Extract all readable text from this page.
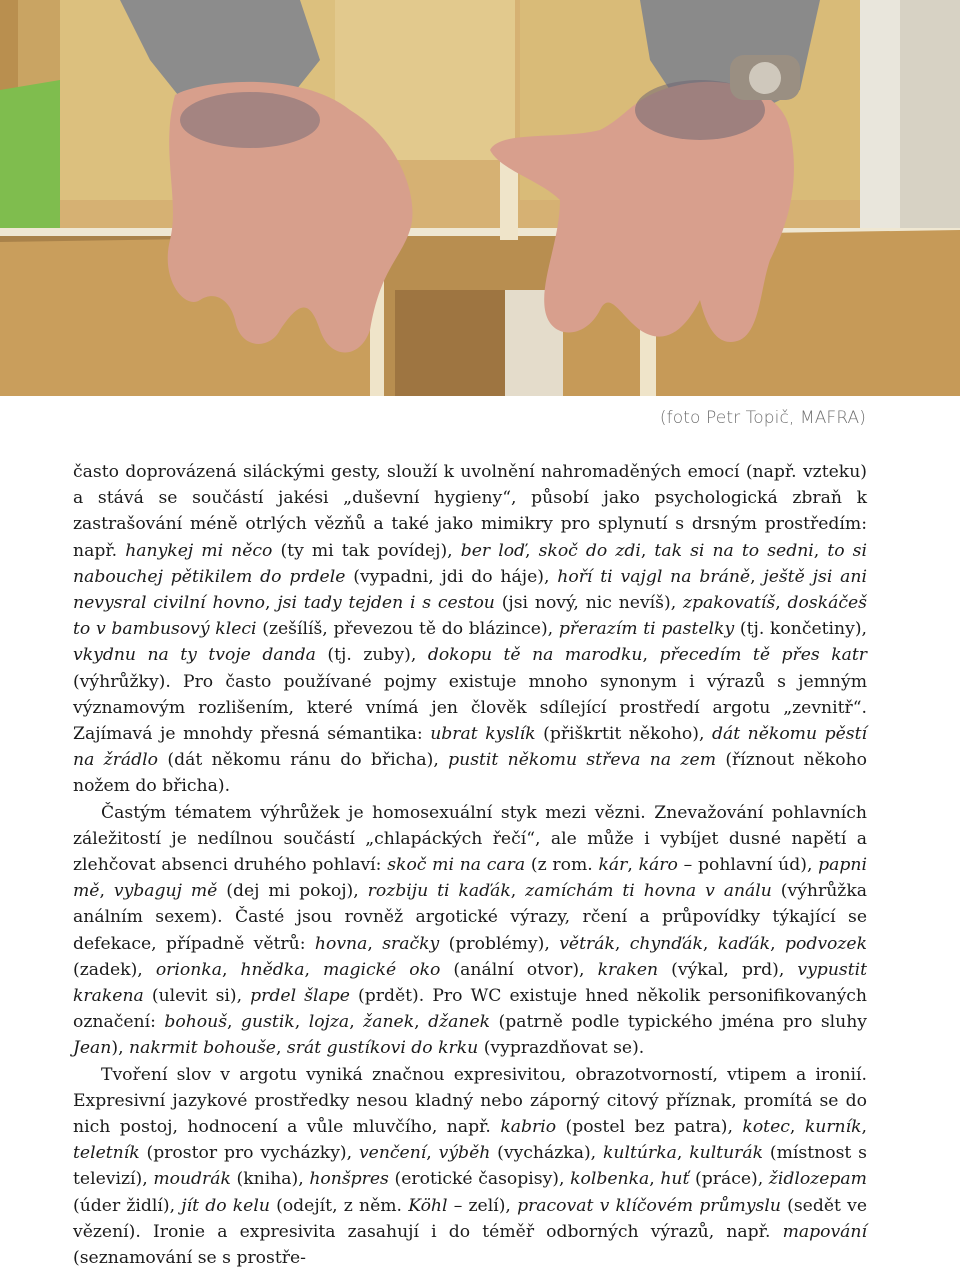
(foto Petr Topič, MAFRA)

často doprovázená siláckými gesty, slouží k uvolnění nahromaděných emocí (např. vzteku) a stává se součástí jakési „duševní hygieny“, působí jako psychologická zbraň k zastrašování méně otrlých vězňů a také jako mimikry pro splynutí s drsným prostředím: např. hanykej mi něco (ty mi tak povídej), ber loď, skoč do zdi, tak si na to sedni, to si nabouchej pětikilem do prdele (vypadni, jdi do háje), hoří ti vajgl na bráně, ještě jsi ani nevysral civilní hovno, jsi tady tejden i s cestou (jsi nový, nic nevíš), zpakovatíš, doskáčeš to v bambusový kleci (zešílíš, převezou tě do blázince), přerazím ti pastelky (tj. končetiny), vkydnu na ty tvoje danda (tj. zuby), dokopu tě na marodku, přecedím tě přes katr (výhrůžky). Pro často používané pojmy existuje mnoho synonym i výrazů s jemným významovým rozlišením, které vnímá jen člověk sdílející prostředí argotu „zevnitř“. Zajímavá je mnohdy přesná sémantika: ubrat kyslík (přiškrtit někoho), dát někomu pěstí na žrádlo (dát někomu ránu do břicha), pustit někomu střeva na zem (říznout někoho nožem do břicha).

Častým tématem výhrůžek je homosexuální styk mezi vězni. Znevažování pohlavních záležitostí je nedílnou součástí „chlapáckých řečí“, ale může i vybíjet dusné napětí a zlehčovat absenci druhého pohlaví: skoč mi na cara (z rom. kár, káro – pohlavní úd), papni mě, vybaguj mě (dej mi pokoj), rozbiju ti kaďák, zamíchám ti hovna v análu (výhrůžka análním sexem). Časté jsou rovněž argotické výrazy, rčení a průpovídky týkající se defekace, případně větrů: hovna, sračky (problémy), větrák, chynďák, kaďák, podvozek (zadek), orionka, hnědka, magické oko (anální otvor), kraken (výkal, prd), vypustit krakena (ulevit si), prdel šlape (prdět). Pro WC existuje hned několik personifikovaných označení: bohouš, gustik, lojza, žanek, džanek (patrně podle typického jména pro sluhy Jean), nakrmit bohouše, srát gustíkovi do krku (vyprazdňovat se).

Tvoření slov v argotu vyniká značnou expresivitou, obrazotvorností, vtipem a ironií. Expresivní jazykové prostředky nesou kladný nebo záporný citový příznak, promítá se do nich postoj, hodnocení a vůle mluvčího, např. kabrio (postel bez patra), kotec, kurník, teletník (prostor pro vycházky), venčení, výběh (vycházka), kultúrka, kulturák (místnost s televizí), moudrák (kniha), honšpres (erotické časopisy), kolbenka, huť (práce), židlozepam (úder židlí), jít do kelu (odejít, z něm. Köhl – zelí), pracovat v klíčovém průmyslu (sedět ve vězení). Ironie a expresivita zasahují i do téměř odborných výrazů, např. mapování (seznamování se s prostře-
